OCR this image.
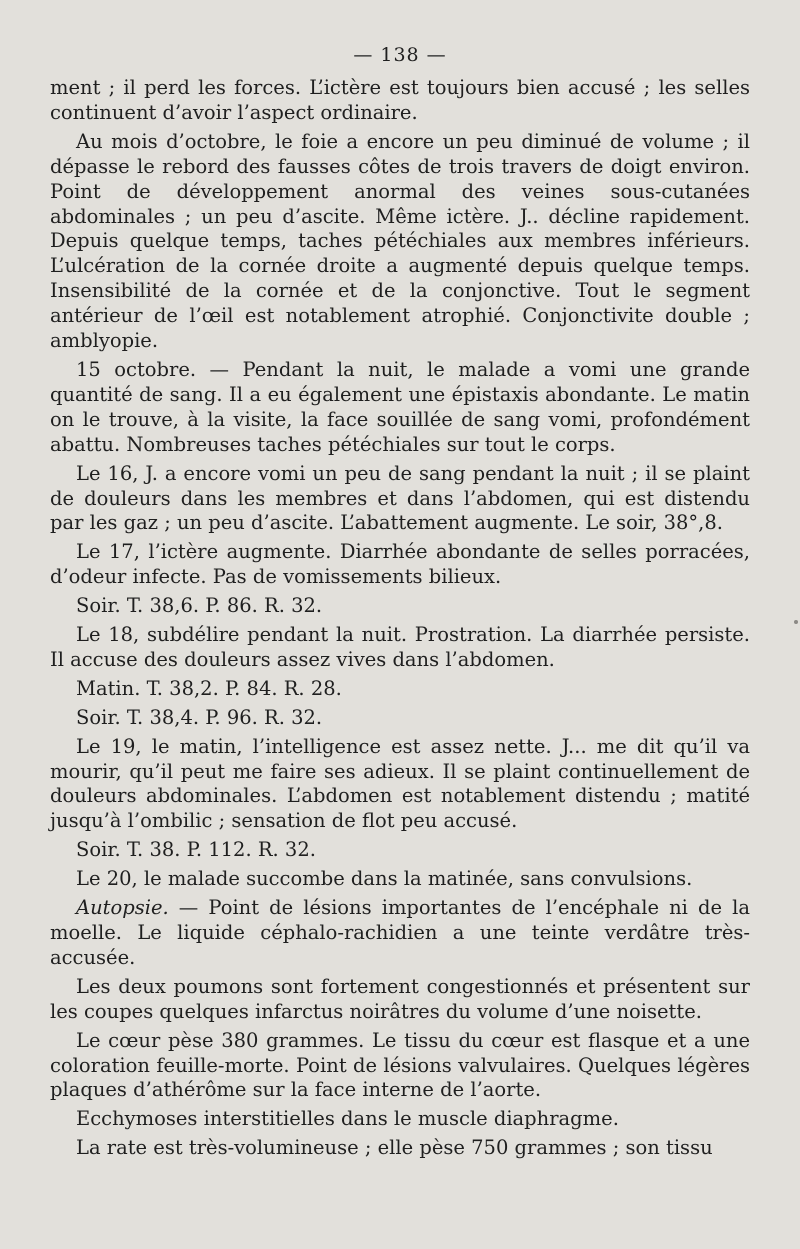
— 138 —

ment ; il perd les forces. L’ictère est toujours bien accusé ; les selles continuent d’avoir l’aspect ordinaire.

Au mois d’octobre, le foie a encore un peu diminué de volume ; il dépasse le rebord des fausses côtes de trois travers de doigt environ. Point de développement anormal des veines sous-cutanées abdominales ; un peu d’ascite. Même ictère. J.. décline rapidement. Depuis quelque temps, taches pétéchiales aux membres inférieurs. L’ulcération de la cornée droite a augmenté depuis quelque temps. Insensibilité de la cornée et de la conjonctive. Tout le segment antérieur de l’œil est notablement atrophié. Conjonctivite double ; amblyopie.

15 octobre. — Pendant la nuit, le malade a vomi une grande quantité de sang. Il a eu également une épistaxis abondante. Le matin on le trouve, à la visite, la face souillée de sang vomi, profondément abattu. Nombreuses taches pétéchiales sur tout le corps.

Le 16, J. a encore vomi un peu de sang pendant la nuit ; il se plaint de douleurs dans les membres et dans l’abdomen, qui est distendu par les gaz ; un peu d’ascite. L’abattement augmente. Le soir, 38°,8.

Le 17, l’ictère augmente. Diarrhée abondante de selles porracées, d’odeur infecte. Pas de vomissements bilieux.

Soir. T. 38,6. P. 86. R. 32.

Le 18, subdélire pendant la nuit. Prostration. La diarrhée persiste. Il accuse des douleurs assez vives dans l’abdomen.

Matin. T. 38,2. P. 84. R. 28.

Soir. T. 38,4. P. 96. R. 32.

Le 19, le matin, l’intelligence est assez nette. J... me dit qu’il va mourir, qu’il peut me faire ses adieux. Il se plaint continuellement de douleurs abdominales. L’abdomen est notablement distendu ; matité jusqu’à l’ombilic ; sensation de flot peu accusé.

Soir. T. 38. P. 112. R. 32.

Le 20, le malade succombe dans la matinée, sans convulsions.

Autopsie. — Point de lésions importantes de l’encéphale ni de la moelle. Le liquide céphalo-rachidien a une teinte verdâtre très-accusée.

Les deux poumons sont fortement congestionnés et présentent sur les coupes quelques infarctus noirâtres du volume d’une noisette.

Le cœur pèse 380 grammes. Le tissu du cœur est flasque et a une coloration feuille-morte. Point de lésions valvulaires. Quelques légères plaques d’athérôme sur la face interne de l’aorte.

Ecchymoses interstitielles dans le muscle diaphragme.

La rate est très-volumineuse ; elle pèse 750 grammes ; son tissu
